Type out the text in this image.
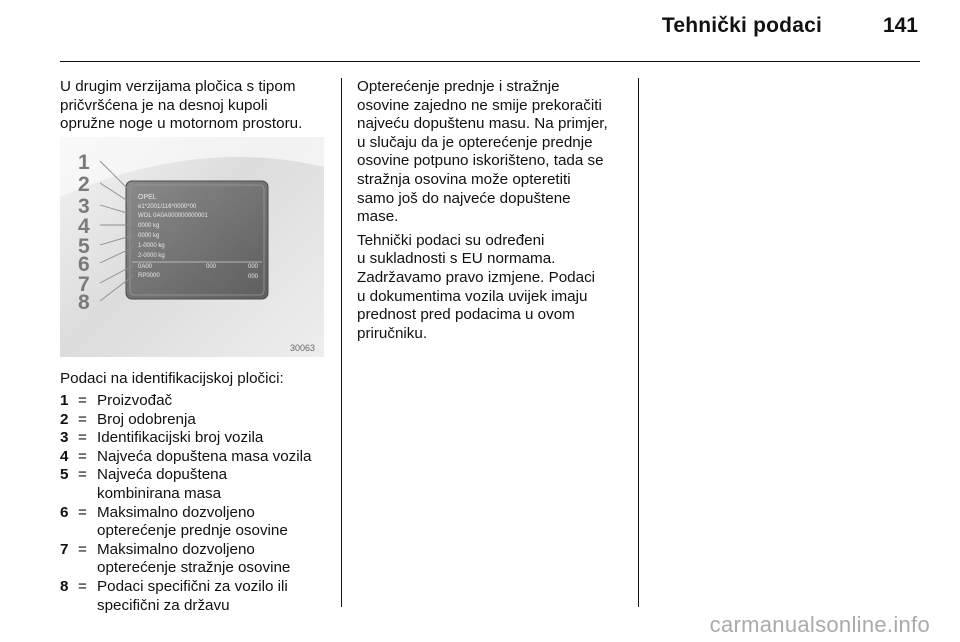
Tehnički podaci	141
U drugim verzijama pločica s tipom
pričvršćena je na desnoj kupoli
opružne noge u motornom prostoru.
OPEL
e1*2001/116*0000*00
WOL 0A0A000000000001
0000 kg
0000 kg
1-0000 kg
2-0000 kg
0A00
RP0000
000	000
000
1
2
3
4
5
6
7
8
30063
Podaci na identifikacijskoj pločici:
1 = Proizvođač
2 = Broj odobrenja
3 = Identifikacijski broj vozila
4 = Najveća dopuštena masa vozila
5 = Najveća dopuštena
kombinirana masa
6 = Maksimalno dozvoljeno
opterećenje prednje osovine
7 = Maksimalno dozvoljeno
opterećenje stražnje osovine
8 = Podaci specifični za vozilo ili
specifični za državu
Opterećenje prednje i stražnje
osovine zajedno ne smije prekoračiti
najveću dopuštenu masu. Na primjer,
u slučaju da je opterećenje prednje
osovine potpuno iskorišteno, tada se
stražnja osovina može opteretiti
samo još do najveće dopuštene
mase.
Tehnički podaci su određeni
u sukladnosti s EU normama.
Zadržavamo pravo izmjene. Podaci
u dokumentima vozila uvijek imaju
prednost pred podacima u ovom
priručniku.
carmanualsonline.info
